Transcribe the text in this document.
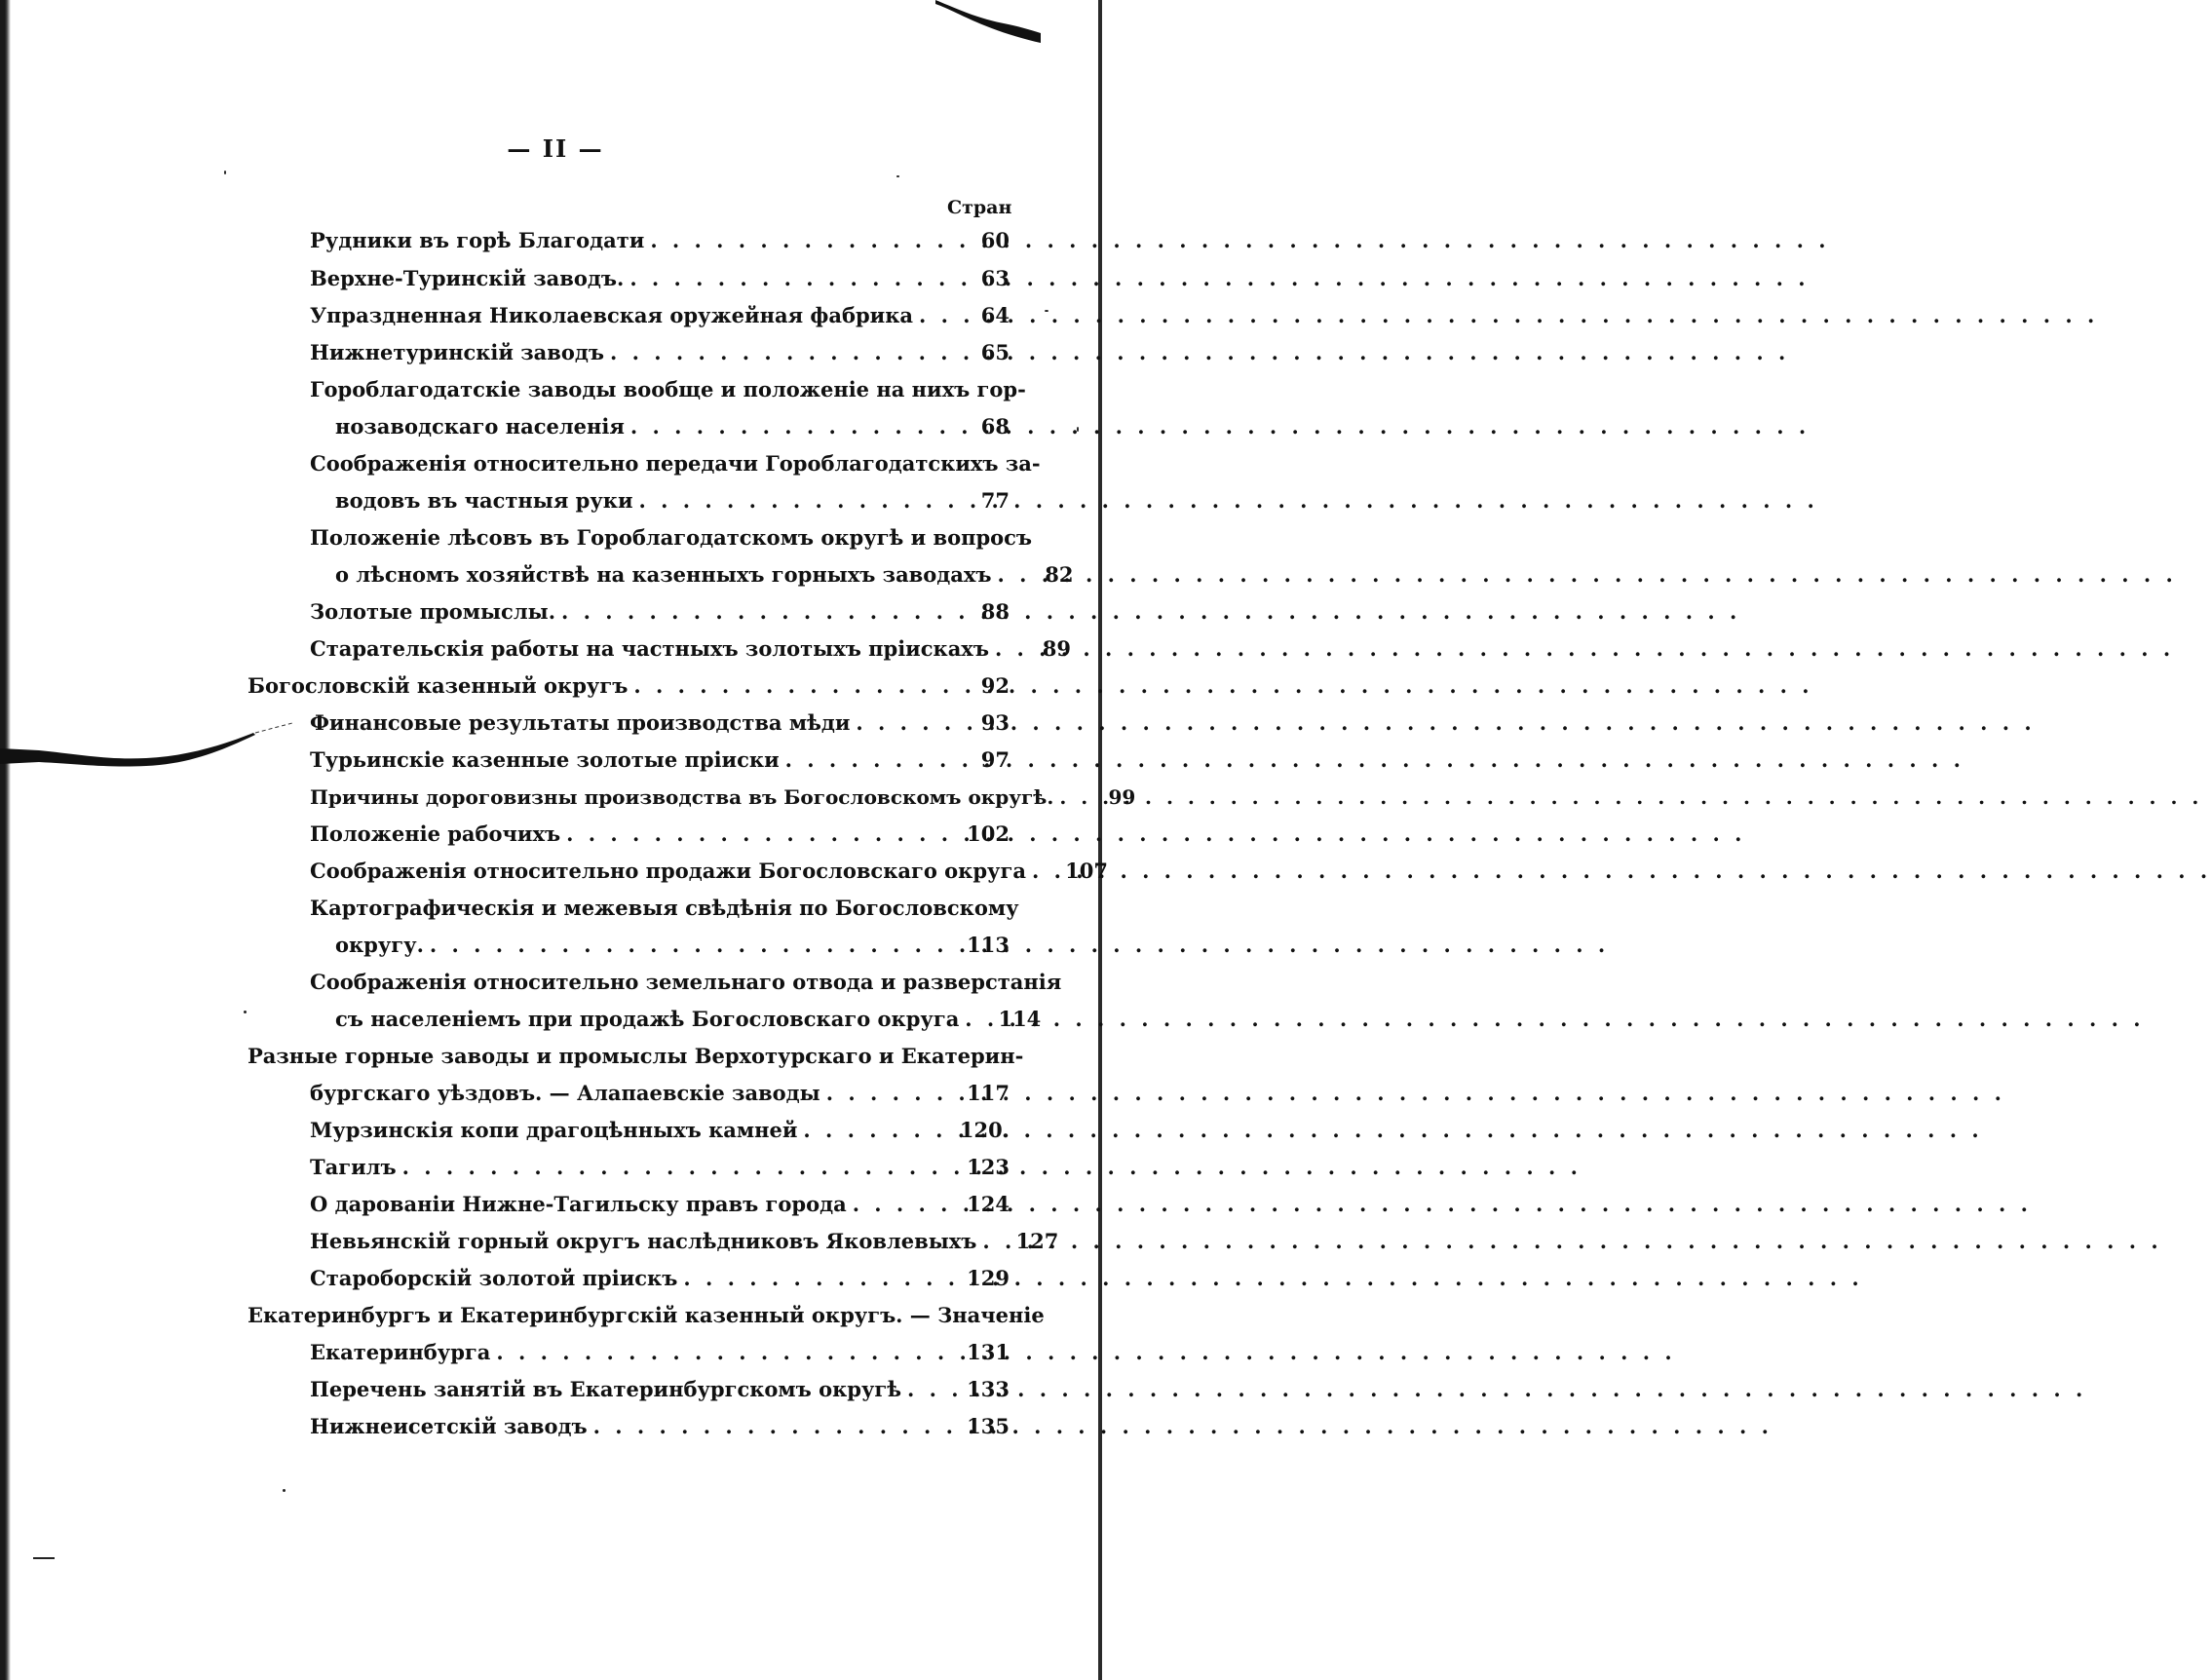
— II —
Стран
Рудники въ горѣ Благодати . . .	60
Верхне-Туринскій заводъ. . . .	63
Упраздненная Николаевская оружейная фабрика . . .	64
Нижнетуринскій заводъ . . .	65
Гороблагодатскіе заводы вообще и положеніе на нихъ гор-
нозаводскаго населенія . . .	68
Соображенія относительно передачи Гороблагодатскихъ за-
водовъ въ частныя руки . . .	77
Положеніе лѣсовъ въ Гороблагодатскомъ округѣ и вопросъ
о лѣсномъ хозяйствѣ на казенныхъ горныхъ заводахъ . . .	82
Золотые промыслы. . . .	88
Старательскія работы на частныхъ золотыхъ пріискахъ . . .	89
Богословскій казенный округъ . . .	92
Финансовые результаты производства мѣди . . .	93
Турьинскіе казенные золотые пріиски . . .	97
Причины дороговизны производства въ Богословскомъ округѣ. . . .	99
Положеніе рабочихъ . . .	102
Соображенія относительно продажи Богословскаго округа . . .	107
Картографическія и межевыя свѣдѣнія по Богословскому
округу. . . .	113
Соображенія относительно земельнаго отвода и разверстанія
съ населеніемъ при продажѣ Богословскаго округа . . .	114
Разные горные заводы и промыслы Верхотурскаго и Екатерин-
бургскаго уѣздовъ. — Алапаевскіе заводы . . .	117
Мурзинскія копи драгоцѣнныхъ камней . . .	120.
Тагилъ . . .	123
О дарованіи Нижне-Тагильску правъ города . . .	124
Невьянскій горный округъ наслѣдниковъ Яковлевыхъ . . .	127
Староборскій золотой пріискъ . . .	129
Екатеринбургъ и Екатеринбургскій казенный округъ. — Значеніе
Екатеринбурга . . .	131
Перечень занятій въ Екатеринбургскомъ округѣ . . .	133
Нижнеисетскій заводъ . . .	135
